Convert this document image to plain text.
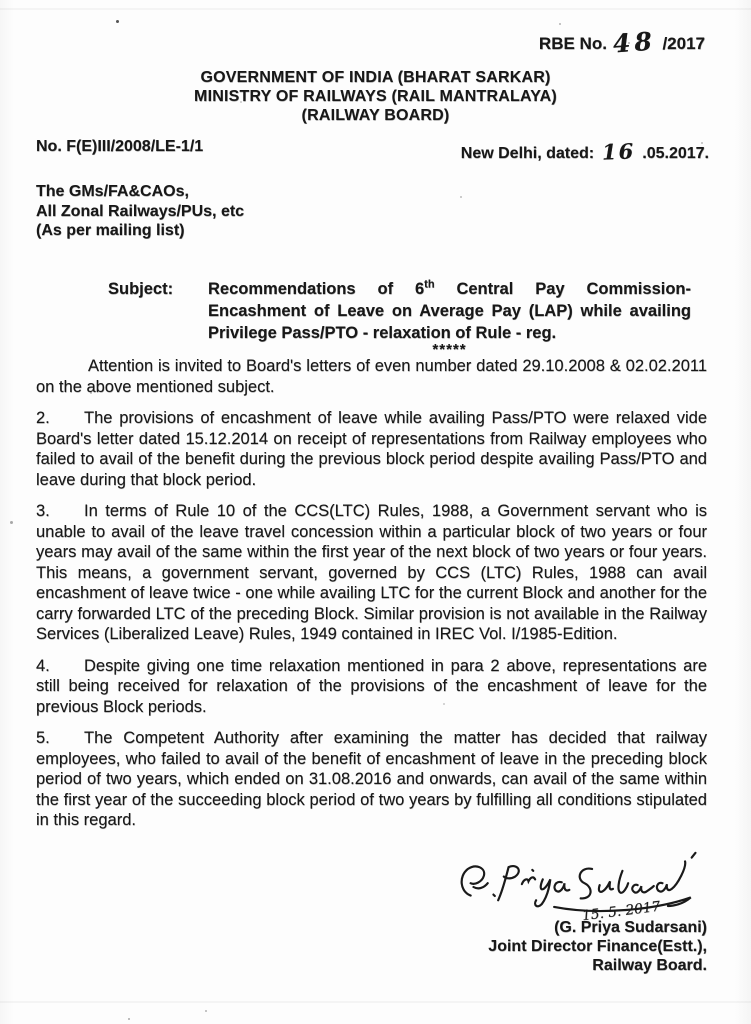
RBE No. 48 /2017
GOVERNMENT OF INDIA (BHARAT SARKAR)
MINISTRY OF RAILWAYS (RAIL MANTRALAYA)
(RAILWAY BOARD)
No. F(E)III/2008/LE-1/1	New Delhi, dated: 16 .05.2017.
The GMs/FA&CAOs,
All Zonal Railways/PUs, etc
(As per mailing list)
Subject:	Recommendations of 6th Central Pay Commission-
Encashment of Leave on Average Pay (LAP) while availing
Privilege Pass/PTO - relaxation of Rule - reg.
*****

Attention is invited to Board's letters of even number dated 29.10.2008 & 02.02.2011 on the above mentioned subject.

2. The provisions of encashment of leave while availing Pass/PTO were relaxed vide Board's letter dated 15.12.2014 on receipt of representations from Railway employees who failed to avail of the benefit during the previous block period despite availing Pass/PTO and leave during that block period.

3. In terms of Rule 10 of the CCS(LTC) Rules, 1988, a Government servant who is unable to avail of the leave travel concession within a particular block of two years or four years may avail of the same within the first year of the next block of two years or four years. This means, a government servant, governed by CCS (LTC) Rules, 1988 can avail encashment of leave twice - one while availing LTC for the current Block and another for the carry forwarded LTC of the preceding Block. Similar provision is not available in the Railway Services (Liberalized Leave) Rules, 1949 contained in IREC Vol. I/1985-Edition.

4. Despite giving one time relaxation mentioned in para 2 above, representations are still being received for relaxation of the provisions of the encashment of leave for the previous Block periods.

5. The Competent Authority after examining the matter has decided that railway employees, who failed to avail of the benefit of encashment of leave in the preceding block period of two years, which ended on 31.08.2016 and onwards, can avail of the same within the first year of the succeeding block period of two years by fulfilling all conditions stipulated in this regard.

15. 5. 2017
(G. Priya Sudarsani)
Joint Director Finance(Estt.),
Railway Board.
